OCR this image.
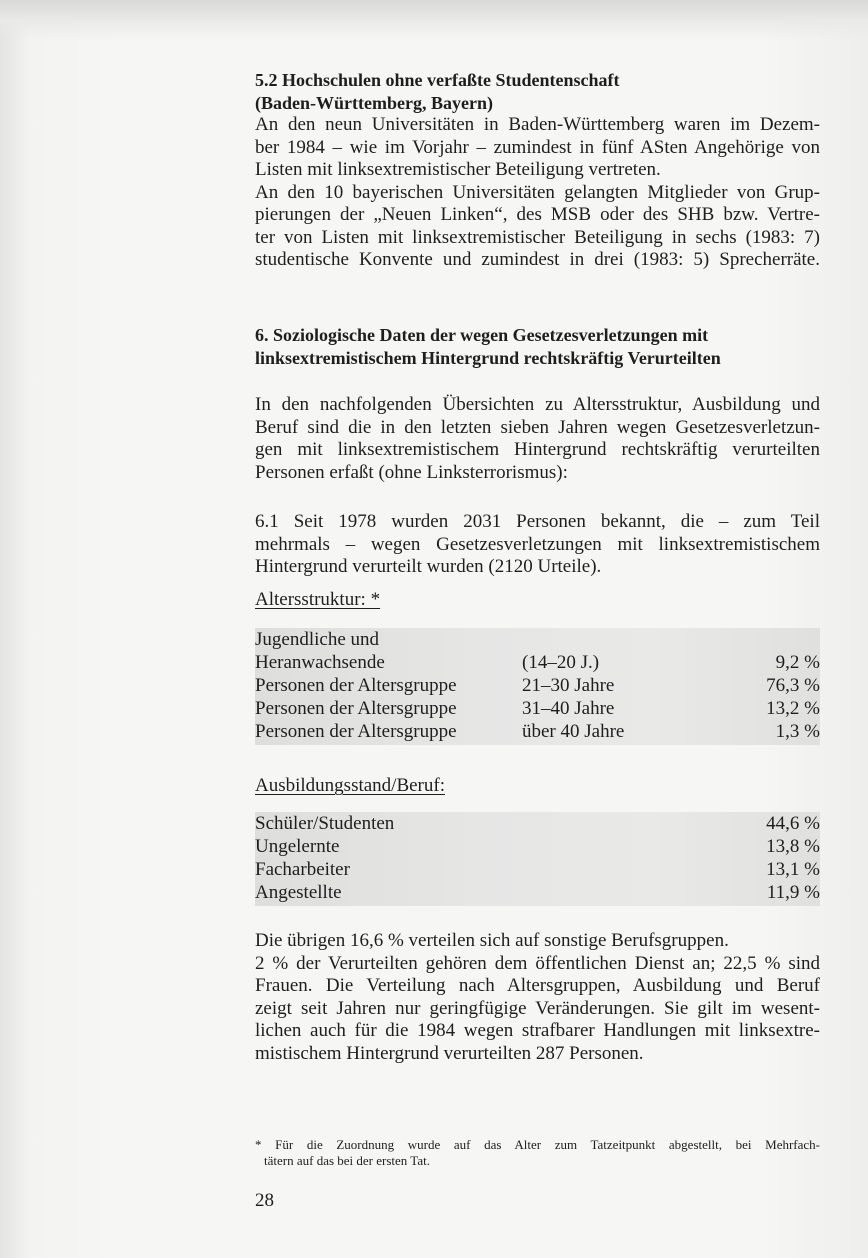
5.2 Hochschulen ohne verfaßte Studentenschaft
(Baden-Württemberg, Bayern)
An den neun Universitäten in Baden-Württemberg waren im Dezem-
ber 1984 – wie im Vorjahr – zumindest in fünf ASten Angehörige von
Listen mit linksextremistischer Beteiligung vertreten.
An den 10 bayerischen Universitäten gelangten Mitglieder von Grup-
pierungen der „Neuen Linken“, des MSB oder des SHB bzw. Vertre-
ter von Listen mit linksextremistischer Beteiligung in sechs (1983: 7)
studentische Konvente und zumindest in drei (1983: 5) Sprecherräte.
6. Soziologische Daten der wegen Gesetzesverletzungen mit
linksextremistischem Hintergrund rechtskräftig Verurteilten
In den nachfolgenden Übersichten zu Altersstruktur, Ausbildung und
Beruf sind die in den letzten sieben Jahren wegen Gesetzesverletzun-
gen mit linksextremistischem Hintergrund rechtskräftig verurteilten
Personen erfaßt (ohne Linksterrorismus):
6.1 Seit 1978 wurden 2031 Personen bekannt, die – zum Teil
mehrmals – wegen Gesetzesverletzungen mit linksextremistischem
Hintergrund verurteilt wurden (2120 Urteile).
Altersstruktur: *
Jugendliche und
Heranwachsende	(14–20 J.)	9,2 %
Personen der Altersgruppe	21–30 Jahre	76,3 %
Personen der Altersgruppe	31–40 Jahre	13,2 %
Personen der Altersgruppe	über 40 Jahre	1,3 %
Ausbildungsstand/Beruf:
Schüler/Studenten	44,6 %
Ungelernte	13,8 %
Facharbeiter	13,1 %
Angestellte	11,9 %
Die übrigen 16,6 % verteilen sich auf sonstige Berufsgruppen.
2 % der Verurteilten gehören dem öffentlichen Dienst an; 22,5 % sind
Frauen. Die Verteilung nach Altersgruppen, Ausbildung und Beruf
zeigt seit Jahren nur geringfügige Veränderungen. Sie gilt im wesent-
lichen auch für die 1984 wegen strafbarer Handlungen mit linksextre-
mistischem Hintergrund verurteilten 287 Personen.
* Für die Zuordnung wurde auf das Alter zum Tatzeitpunkt abgestellt, bei Mehrfach-
tätern auf das bei der ersten Tat.
28
